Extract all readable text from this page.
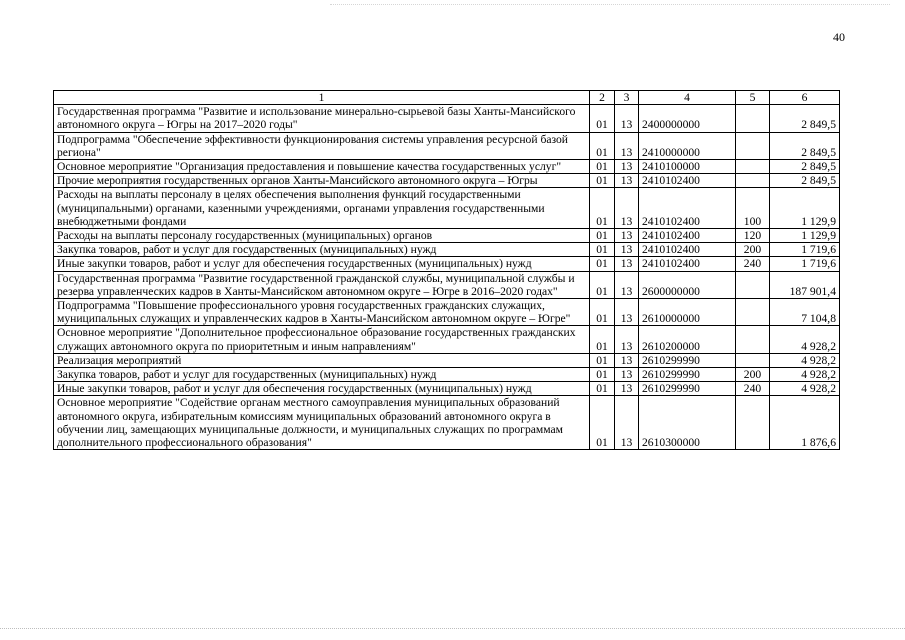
40
1	2	3	4	5	6
Государственная программа "Развитие и использование минерально-сырьевой базы Ханты-Мансийского автономного округа – Югры на 2017–2020 годы"	01	13	2400000000		2 849,5
Подпрограмма "Обеспечение эффективности функционирования системы управления ресурсной базой региона"	01	13	2410000000		2 849,5
Основное мероприятие "Организация предоставления и повышение качества государственных услуг"	01	13	2410100000		2 849,5
Прочие мероприятия государственных органов Ханты-Мансийского автономного округа – Югры	01	13	2410102400		2 849,5
Расходы на выплаты персоналу в целях обеспечения выполнения функций государственными (муниципальными) органами, казенными учреждениями, органами управления государственными внебюджетными фондами	01	13	2410102400	100	1 129,9
Расходы на выплаты персоналу государственных (муниципальных) органов	01	13	2410102400	120	1 129,9
Закупка товаров, работ и услуг для государственных (муниципальных) нужд	01	13	2410102400	200	1 719,6
Иные закупки товаров, работ и услуг для обеспечения государственных (муниципальных) нужд	01	13	2410102400	240	1 719,6
Государственная программа "Развитие государственной гражданской службы, муниципальной службы и резерва управленческих кадров в Ханты-Мансийском автономном округе – Югре в 2016–2020 годах"	01	13	2600000000		187 901,4
Подпрограмма "Повышение профессионального уровня государственных гражданских служащих, муниципальных служащих и управленческих кадров в Ханты-Мансийском автономном округе – Югре"	01	13	2610000000		7 104,8
Основное мероприятие "Дополнительное профессиональное образование государственных гражданских служащих автономного округа по приоритетным и иным направлениям"	01	13	2610200000		4 928,2
Реализация мероприятий	01	13	2610299990		4 928,2
Закупка товаров, работ и услуг для государственных (муниципальных) нужд	01	13	2610299990	200	4 928,2
Иные закупки товаров, работ и услуг для обеспечения государственных (муниципальных) нужд	01	13	2610299990	240	4 928,2
Основное мероприятие "Содействие органам местного самоуправления муниципальных образований автономного округа, избирательным комиссиям муниципальных образований автономного округа в обучении лиц, замещающих муниципальные должности, и муниципальных служащих по программам дополнительного профессионального образования"	01	13	2610300000		1 876,6
